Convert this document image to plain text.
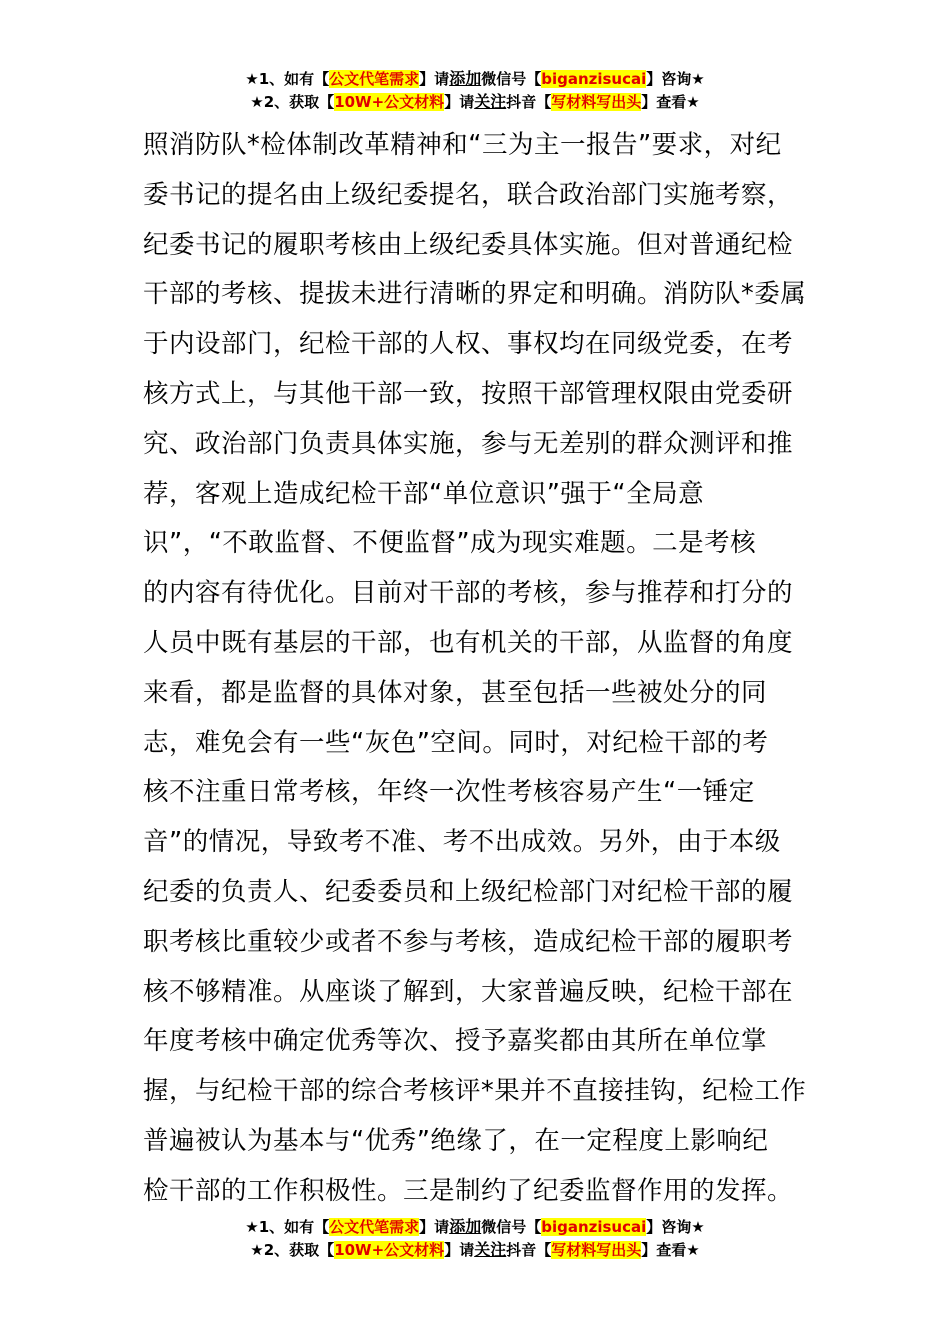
★1、如有【公文代笔需求】请添加微信号【biganzisucai】咨询★
★2、获取【10W+公文材料】请关注抖音【写材料写出头】查看★
照消防队*检体制改革精神和“三为主一报告”要求，对纪
委书记的提名由上级纪委提名，联合政治部门实施考察，
纪委书记的履职考核由上级纪委具体实施。但对普通纪检
干部的考核、提拔未进行清晰的界定和明确。消防队*委属
于内设部门，纪检干部的人权、事权均在同级党委，在考
核方式上，与其他干部一致，按照干部管理权限由党委研
究、政治部门负责具体实施，参与无差别的群众测评和推
荐，客观上造成纪检干部“单位意识”强于“全局意
识”，“不敢监督、不便监督”成为现实难题。二是考核
的内容有待优化。目前对干部的考核，参与推荐和打分的
人员中既有基层的干部，也有机关的干部，从监督的角度
来看，都是监督的具体对象，甚至包括一些被处分的同
志，难免会有一些“灰色”空间。同时，对纪检干部的考
核不注重日常考核，年终一次性考核容易产生“一锤定
音”的情况，导致考不准、考不出成效。另外，由于本级
纪委的负责人、纪委委员和上级纪检部门对纪检干部的履
职考核比重较少或者不参与考核，造成纪检干部的履职考
核不够精准。从座谈了解到，大家普遍反映，纪检干部在
年度考核中确定优秀等次、授予嘉奖都由其所在单位掌
握，与纪检干部的综合考核评*果并不直接挂钩，纪检工作
普遍被认为基本与“优秀”绝缘了，在一定程度上影响纪
检干部的工作积极性。三是制约了纪委监督作用的发挥。
★1、如有【公文代笔需求】请添加微信号【biganzisucai】咨询★
★2、获取【10W+公文材料】请关注抖音【写材料写出头】查看★
